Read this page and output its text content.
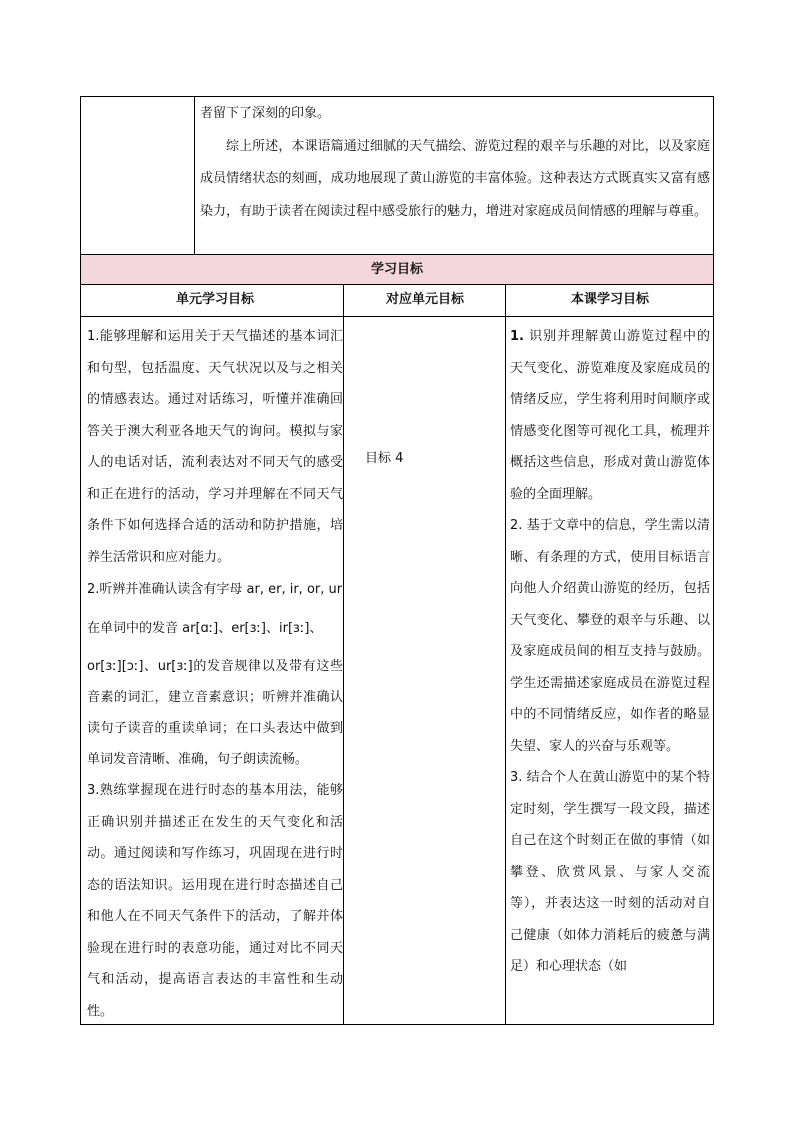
者留下了深刻的印象。

综上所述，本课语篇通过细腻的天气描绘、游览过程的艰辛与乐趣的对比，以及家庭成员情绪状态的刻画，成功地展现了黄山游览的丰富体验。这种表达方式既真实又富有感染力，有助于读者在阅读过程中感受旅行的魅力，增进对家庭成员间情感的理解与尊重。

学习目标
单元学习目标	对应单元目标	本课学习目标

1.能够理解和运用关于天气描述的基本词汇和句型，包括温度、天气状况以及与之相关的情感表达。通过对话练习，听懂并准确回答关于澳大利亚各地天气的询问。模拟与家人的电话对话，流利表达对不同天气的感受和正在进行的活动，学习并理解在不同天气条件下如何选择合适的活动和防护措施，培养生活常识和应对能力。

2.听辨并准确认读含有字母 ar, er, ir, or, ur

在单词中的发音 ar[ɑː]、er[ɜː]、ir[ɜː]、

or[ɜː][ɔː]、ur[ɜː]的发音规律以及带有这些音素的词汇，建立音素意识；听辨并准确认读句子读音的重读单词；在口头表达中做到单词发音清晰、准确，句子朗读流畅。

3.熟练掌握现在进行时态的基本用法，能够正确识别并描述正在发生的天气变化和活动。通过阅读和写作练习，巩固现在进行时态的语法知识。运用现在进行时态描述自己和他人在不同天气条件下的活动，了解并体验现在进行时的表意功能，通过对比不同天气和活动，提高语言表达的丰富性和生动性。

目标 4

1. 识别并理解黄山游览过程中的天气变化、游览难度及家庭成员的情绪反应，学生将利用时间顺序或情感变化图等可视化工具，梳理并概括这些信息，形成对黄山游览体验的全面理解。

2. 基于文章中的信息，学生需以清晰、有条理的方式，使用目标语言向他人介绍黄山游览的经历，包括天气变化、攀登的艰辛与乐趣、以及家庭成员间的相互支持与鼓励。学生还需描述家庭成员在游览过程中的不同情绪反应，如作者的略显失望、家人的兴奋与乐观等。

3. 结合个人在黄山游览中的某个特定时刻，学生撰写一段文段，描述自己在这个时刻正在做的事情（如攀登、欣赏风景、与家人交流等），并表达这一时刻的活动对自己健康（如体力消耗后的疲惫与满足）和心理状态（如
